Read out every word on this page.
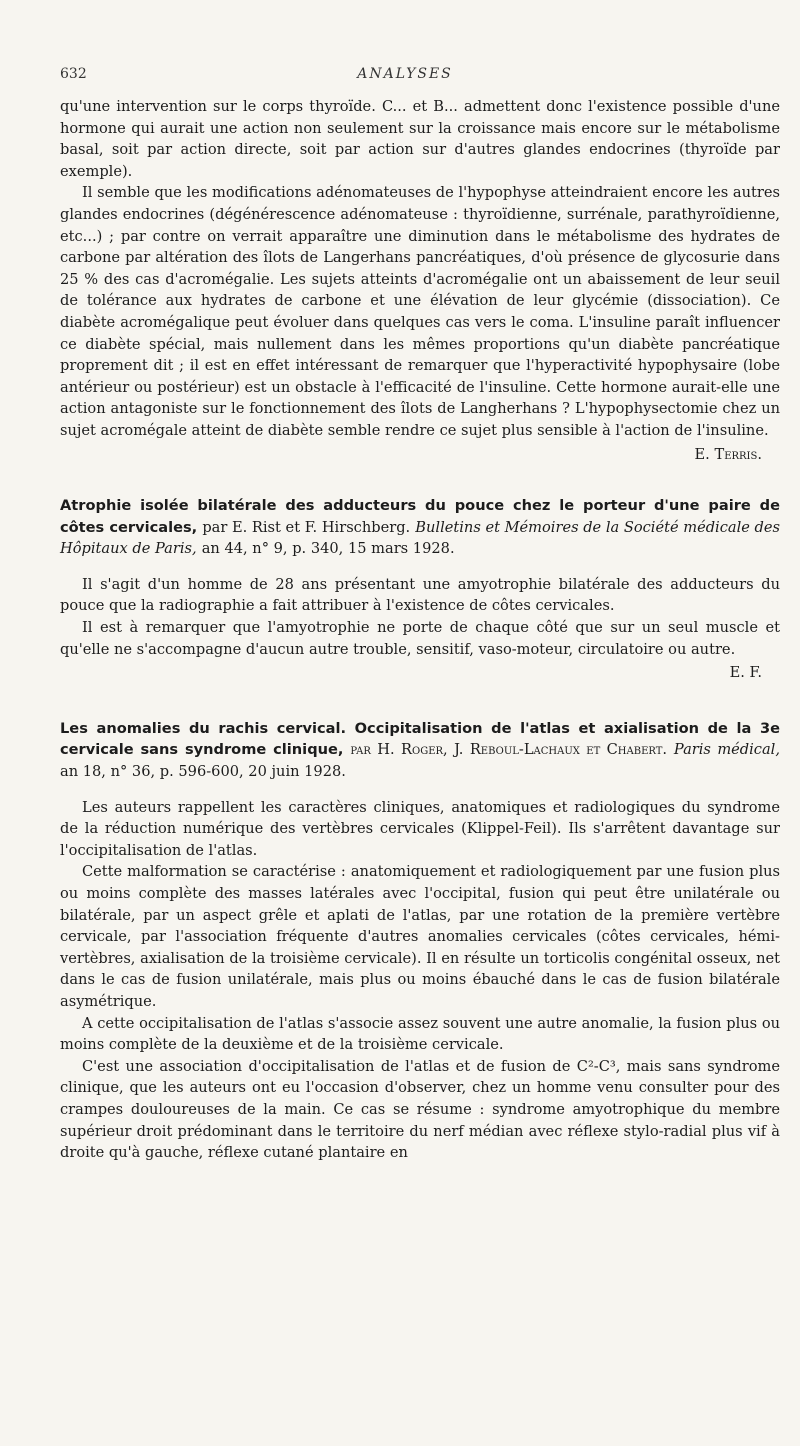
632	ANALYSES

qu'une intervention sur le corps thyroïde. C... et B... admettent donc l'existence possible d'une hormone qui aurait une action non seulement sur la croissance mais encore sur le métabolisme basal, soit par action directe, soit par action sur d'autres glandes endocrines (thyroïde par exemple).

Il semble que les modifications adénomateuses de l'hypophyse atteindraient encore les autres glandes endocrines (dégénérescence adénomateuse : thyroïdienne, surrénale, parathyroïdienne, etc...) ; par contre on verrait apparaître une diminution dans le métabolisme des hydrates de carbone par altération des îlots de Langerhans pancréatiques, d'où présence de glycosurie dans 25 % des cas d'acromégalie. Les sujets atteints d'acromégalie ont un abaissement de leur seuil de tolérance aux hydrates de carbone et une élévation de leur glycémie (dissociation). Ce diabète acromégalique peut évoluer dans quelques cas vers le coma. L'insuline paraît influencer ce diabète spécial, mais nullement dans les mêmes proportions qu'un diabète pancréatique proprement dit ; il est en effet intéressant de remarquer que l'hyperactivité hypophysaire (lobe antérieur ou postérieur) est un obstacle à l'efficacité de l'insuline. Cette hormone aurait-elle une action antagoniste sur le fonctionnement des îlots de Langherhans ? L'hypophysectomie chez un sujet acromégale atteint de diabète semble rendre ce sujet plus sensible à l'action de l'insuline.

E. Terris.

Atrophie isolée bilatérale des adducteurs du pouce chez le porteur d'une paire de côtes cervicales, par E. Rist et F. Hirschberg. Bulletins et Mémoires de la Société médicale des Hôpitaux de Paris, an 44, n° 9, p. 340, 15 mars 1928.

Il s'agit d'un homme de 28 ans présentant une amyotrophie bilatérale des adducteurs du pouce que la radiographie a fait attribuer à l'existence de côtes cervicales.

Il est à remarquer que l'amyotrophie ne porte de chaque côté que sur un seul muscle et qu'elle ne s'accompagne d'aucun autre trouble, sensitif, vaso-moteur, circulatoire ou autre.

E. F.

Les anomalies du rachis cervical. Occipitalisation de l'atlas et axialisation de la 3e cervicale sans syndrome clinique, par H. Roger, J. Reboul-Lachaux et Chabert. Paris médical, an 18, n° 36, p. 596-600, 20 juin 1928.

Les auteurs rappellent les caractères cliniques, anatomiques et radiologiques du syndrome de la réduction numérique des vertèbres cervicales (Klippel-Feil). Ils s'arrêtent davantage sur l'occipitalisation de l'atlas.

Cette malformation se caractérise : anatomiquement et radiologiquement par une fusion plus ou moins complète des masses latérales avec l'occipital, fusion qui peut être unilatérale ou bilatérale, par un aspect grêle et aplati de l'atlas, par une rotation de la première vertèbre cervicale, par l'association fréquente d'autres anomalies cervicales (côtes cervicales, hémi-vertèbres, axialisation de la troisième cervicale). Il en résulte un torticolis congénital osseux, net dans le cas de fusion unilatérale, mais plus ou moins ébauché dans le cas de fusion bilatérale asymétrique.

A cette occipitalisation de l'atlas s'associe assez souvent une autre anomalie, la fusion plus ou moins complète de la deuxième et de la troisième cervicale.

C'est une association d'occipitalisation de l'atlas et de fusion de C²-C³, mais sans syndrome clinique, que les auteurs ont eu l'occasion d'observer, chez un homme venu consulter pour des crampes douloureuses de la main. Ce cas se résume : syndrome amyotrophique du membre supérieur droit prédominant dans le territoire du nerf médian avec réflexe stylo-radial plus vif à droite qu'à gauche, réflexe cutané plantaire en
